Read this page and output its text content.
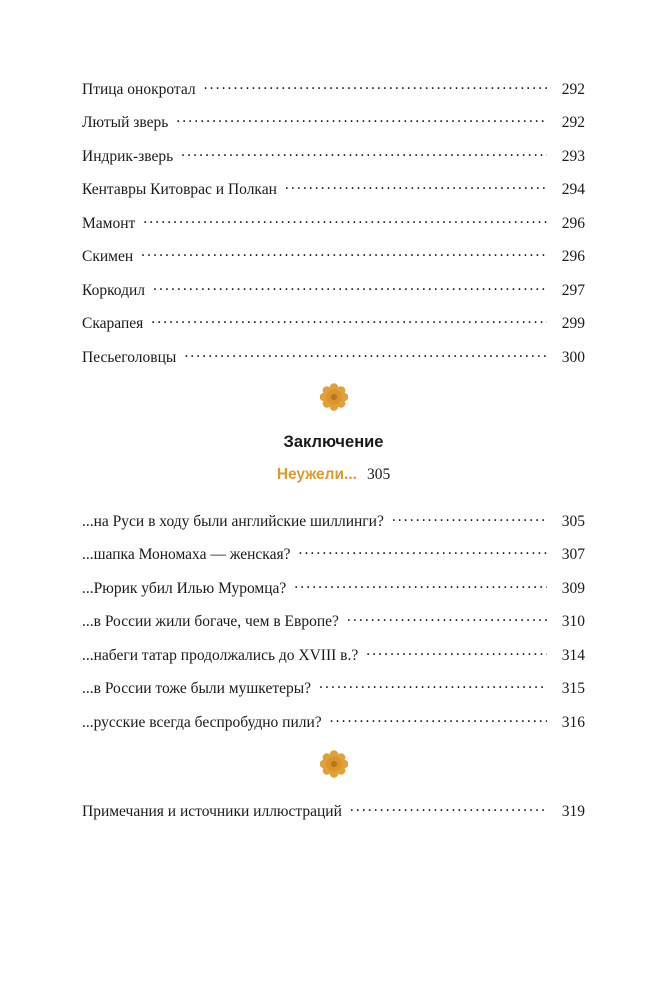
Птица онокротал .....	292
Лютый зверь .....	292
Индрик-зверь .....	293
Кентавры Китоврас и Полкан .....	294
Мамонт .....	296
Скимен .....	296
Коркодил .....	297
Скарапея .....	299
Песьеголовцы .....	300
Заключение
Неужели... 305
...на Руси в ходу были английские шиллинги? .....	305
...шапка Мономаха — женская? .....	307
...Рюрик убил Илью Муромца? .....	309
...в России жили богаче, чем в Европе? .....	310
...набеги татар продолжались до XVIII в.? .....	314
...в России тоже были мушкетеры? .....	315
...русские всегда беспробудно пили? .....	316
Примечания и источники иллюстраций .....	319
